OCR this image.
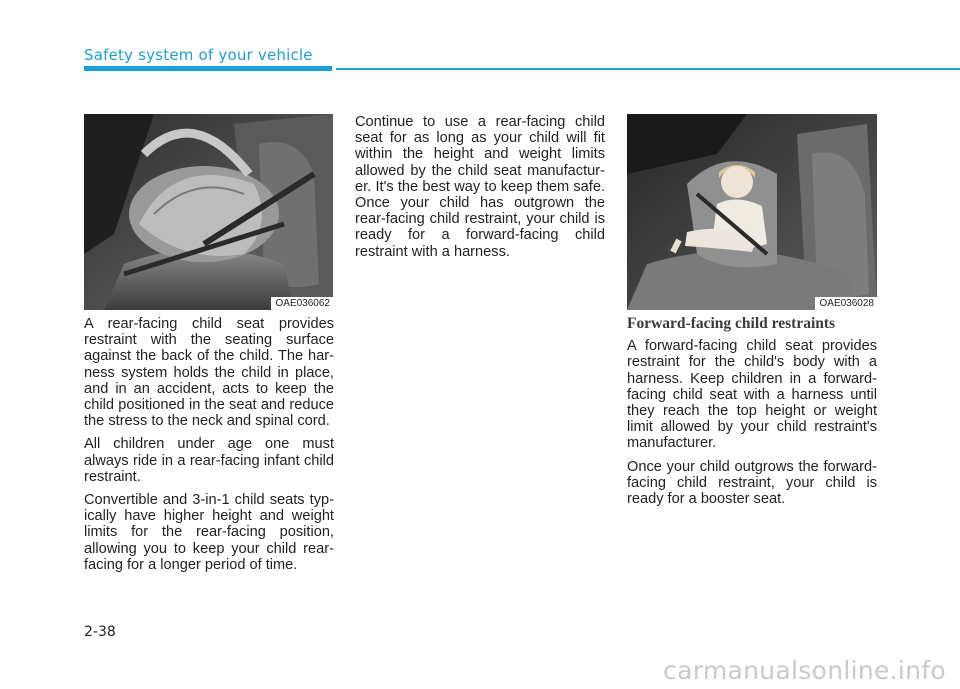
Safety system of your vehicle
OAE036062	OAE036028

A rear-facing child seat provides restraint with the seating surface against the back of the child. The har-ness system holds the child in place, and in an accident, acts to keep the child positioned in the seat and reduce the stress to the neck and spinal cord.

All children under age one must always ride in a rear-facing infant child restraint.

Convertible and 3-in-1 child seats typ-ically have higher height and weight limits for the rear-facing position, allowing you to keep your child rear-facing for a longer period of time.

Continue to use a rear-facing child seat for as long as your child will fit within the height and weight limits allowed by the child seat manufactur-er. It's the best way to keep them safe. Once your child has outgrown the rear-facing child restraint, your child is ready for a forward-facing child restraint with a harness.

Forward-facing child restraints

A forward-facing child seat provides restraint for the child's body with a harness. Keep children in a forward-facing child seat with a harness until they reach the top height or weight limit allowed by your child restraint's manufacturer.

Once your child outgrows the forward-facing child restraint, your child is ready for a booster seat.

2-38
carmanualsonline.info
